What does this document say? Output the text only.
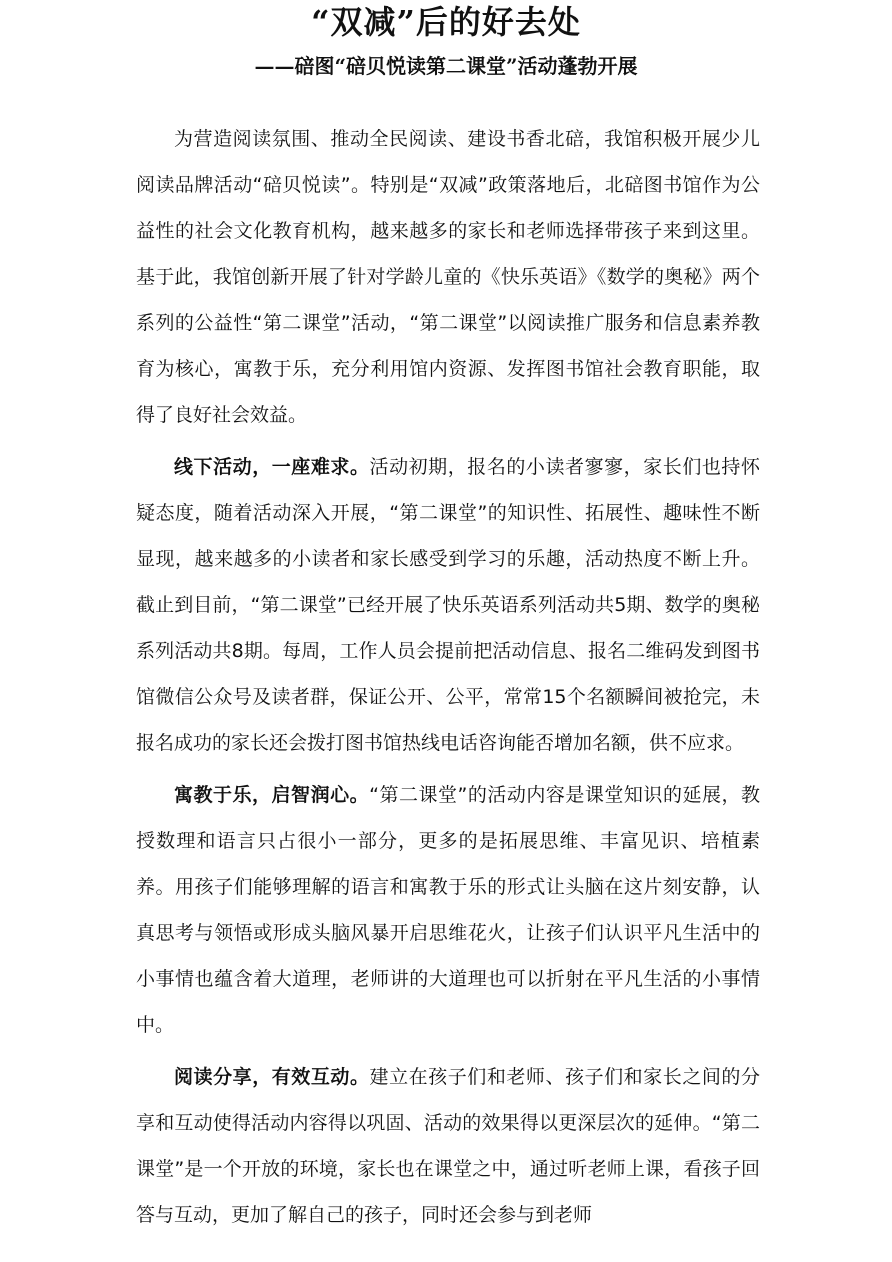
“双减”后的好去处
——碚图“碚贝悦读第二课堂”活动蓬勃开展

为营造阅读氛围、推动全民阅读、建设书香北碚，我馆积极开展少儿阅读品牌活动“碚贝悦读”。特别是“双减”政策落地后，北碚图书馆作为公益性的社会文化教育机构，越来越多的家长和老师选择带孩子来到这里。基于此，我馆创新开展了针对学龄儿童的《快乐英语》《数学的奥秘》两个系列的公益性“第二课堂”活动，“第二课堂”以阅读推广服务和信息素养教育为核心，寓教于乐，充分利用馆内资源、发挥图书馆社会教育职能，取得了良好社会效益。

线下活动，一座难求。活动初期，报名的小读者寥寥，家长们也持怀疑态度，随着活动深入开展，“第二课堂”的知识性、拓展性、趣味性不断显现，越来越多的小读者和家长感受到学习的乐趣，活动热度不断上升。截止到目前，“第二课堂”已经开展了快乐英语系列活动共5期、数学的奥秘系列活动共8期。每周，工作人员会提前把活动信息、报名二维码发到图书馆微信公众号及读者群，保证公开、公平，常常15个名额瞬间被抢完，未报名成功的家长还会拨打图书馆热线电话咨询能否增加名额，供不应求。

寓教于乐，启智润心。“第二课堂”的活动内容是课堂知识的延展，教授数理和语言只占很小一部分，更多的是拓展思维、丰富见识、培植素养。用孩子们能够理解的语言和寓教于乐的形式让头脑在这片刻安静，认真思考与领悟或形成头脑风暴开启思维花火，让孩子们认识平凡生活中的小事情也蕴含着大道理，老师讲的大道理也可以折射在平凡生活的小事情中。

阅读分享，有效互动。建立在孩子们和老师、孩子们和家长之间的分享和互动使得活动内容得以巩固、活动的效果得以更深层次的延伸。“第二课堂”是一个开放的环境，家长也在课堂之中，通过听老师上课，看孩子回答与互动，更加了解自己的孩子，同时还会参与到老师
